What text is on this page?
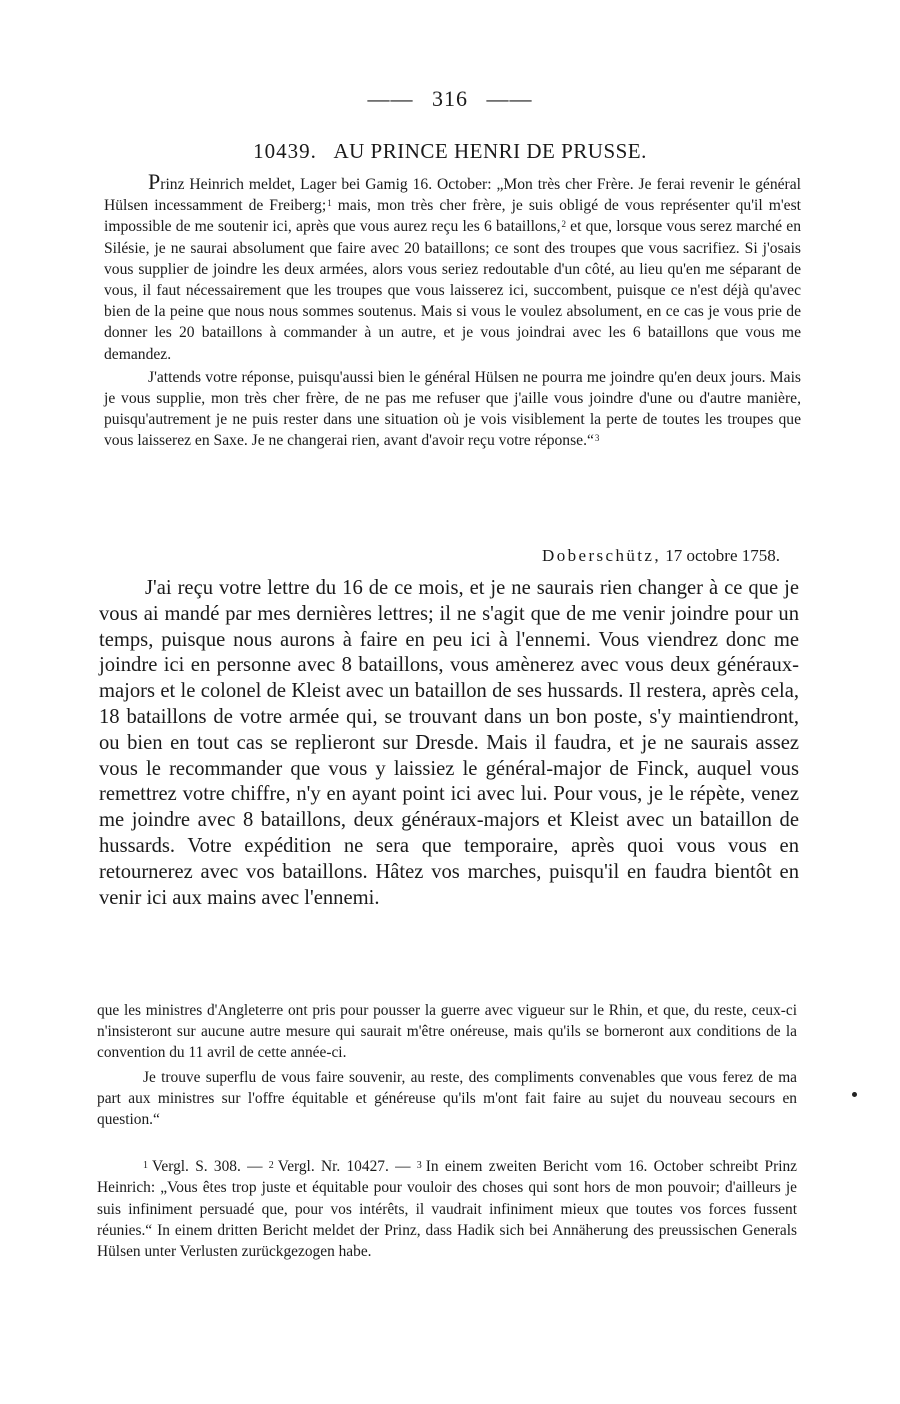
—— 316 ——
10439. AU PRINCE HENRI DE PRUSSE.

Prinz Heinrich meldet, Lager bei Gamig 16. October: „Mon très cher Frère. Je ferai revenir le général Hülsen incessamment de Freiberg;$^1$ mais, mon très cher frère, je suis obligé de vous représenter qu'il m'est impossible de me soutenir ici, après que vous aurez reçu les 6 bataillons,$^2$ et que, lorsque vous serez marché en Silésie, je ne saurai absolument que faire avec 20 bataillons; ce sont des troupes que vous sacrifiez. Si j'osais vous supplier de joindre les deux armées, alors vous seriez redoutable d'un côté, au lieu qu'en me séparant de vous, il faut nécessairement que les troupes que vous laisserez ici, succombent, puisque ce n'est déjà qu'avec bien de la peine que nous nous sommes soutenus. Mais si vous le voulez absolument, en ce cas je vous prie de donner les 20 bataillons à commander à un autre, et je vous joindrai avec les 6 bataillons que vous me demandez.

J'attends votre réponse, puisqu'aussi bien le général Hülsen ne pourra me joindre qu'en deux jours. Mais je vous supplie, mon très cher frère, de ne pas me refuser que j'aille vous joindre d'une ou d'autre manière, puisqu'autrement je ne puis rester dans une situation où je vois visiblement la perte de toutes les troupes que vous laisserez en Saxe. Je ne changerai rien, avant d'avoir reçu votre réponse.“$^3$

Doberschütz, 17 octobre 1758.

J'ai reçu votre lettre du 16 de ce mois, et je ne saurais rien changer à ce que je vous ai mandé par mes dernières lettres; il ne s'agit que de me venir joindre pour un temps, puisque nous aurons à faire en peu ici à l'ennemi. Vous viendrez donc me joindre ici en personne avec 8 bataillons, vous amènerez avec vous deux généraux-majors et le colonel de Kleist avec un bataillon de ses hussards. Il restera, après cela, 18 bataillons de votre armée qui, se trouvant dans un bon poste, s'y maintiendront, ou bien en tout cas se replieront sur Dresde. Mais il faudra, et je ne saurais assez vous le recommander que vous y laissiez le général-major de Finck, auquel vous remettrez votre chiffre, n'y en ayant point ici avec lui. Pour vous, je le répète, venez me joindre avec 8 bataillons, deux généraux-majors et Kleist avec un bataillon de hussards. Votre expédition ne sera que temporaire, après quoi vous vous en retournerez avec vos bataillons. Hâtez vos marches, puisqu'il en faudra bientôt en venir ici aux mains avec l'ennemi.

que les ministres d'Angleterre ont pris pour pousser la guerre avec vigueur sur le Rhin, et que, du reste, ceux-ci n'insisteront sur aucune autre mesure qui saurait m'être onéreuse, mais qu'ils se borneront aux conditions de la convention du 11 avril de cette année-ci.

Je trouve superflu de vous faire souvenir, au reste, des compliments convenables que vous ferez de ma part aux ministres sur l'offre équitable et généreuse qu'ils m'ont fait faire au sujet du nouveau secours en question.“

1 Vergl. S. 308. — 2 Vergl. Nr. 10427. — 3 In einem zweiten Bericht vom 16. October schreibt Prinz Heinrich: „Vous êtes trop juste et équitable pour vouloir des choses qui sont hors de mon pouvoir; d'ailleurs je suis infiniment persuadé que, pour vos intérêts, il vaudrait infiniment mieux que toutes vos forces fussent réunies.“ In einem dritten Bericht meldet der Prinz, dass Hadik sich bei Annäherung des preussischen Generals Hülsen unter Verlusten zurückgezogen habe.
